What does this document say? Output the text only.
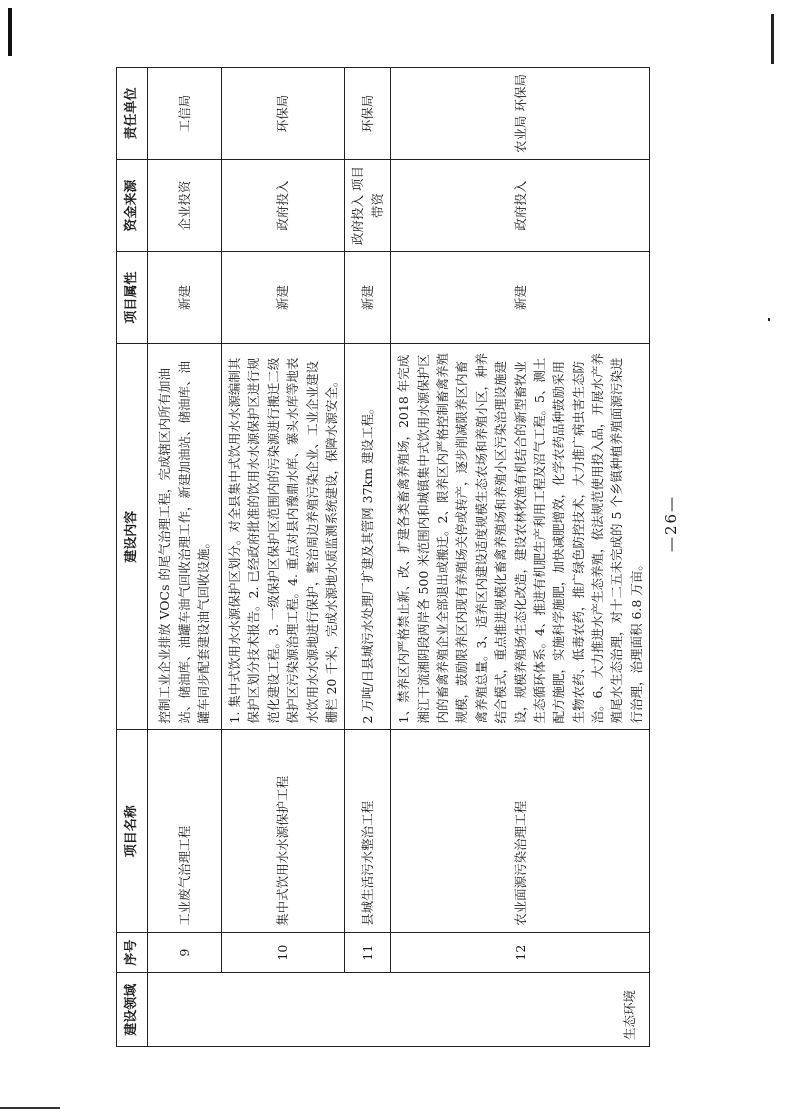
建设领域	序号	项目名称	建设内容	项目属性	资金来源	责任单位
生态环境	9	工业废气治理工程	控制工业企业排放 VOCs 的尾气治理工程，完成辖区内所有加油站、储油库、油罐车油气回收治理工作，新建加油站、储油库、油罐车同步配套建设油气回收设施。	新建	企业投资	工信局
	10	集中式饮用水水源保护工程	1. 集中式饮用水水源保护区划分。对全县集中式饮用水水源编制其保护区划分技术报告。2. 已经政府批准的饮用水水源保护区进行规范化建设工程。3. 一级保护区保护区范围内的污染源进行搬迁二级保护区污染源治理工程。4. 重点对县内豫鼎水库、寨头水库等地表水饮用水水源地进行保护，整治周边养殖污染企业、工业企业建设栅栏 20 千米，完成水源地水质监测系统建设，保障水源安全。	新建	政府投入	环保局
	11	县城生活污水整治工程	2 万吨/日县城污水处理厂扩建及其管网 37km 建设工程。	新建	政府投入 项目带资	环保局
	12	农业面源污染治理工程	1、禁养区内严格禁止新、改、扩建各类畜禽养殖场，2018 年完成湘江干流湘阴段两岸各 500 米范围内和城镇集中式饮用水源保护区内的畜禽养殖企业全部退出或搬迁。2、限养区内严格控制畜禽养殖规模，鼓励限养区内现有养殖场关停或转产，逐步削减限养区内畜禽养殖总量。3、适养区内建设适度规模生态农场和养殖小区，种养结合模式，重点推进规模化畜禽养殖场和养殖小区污染治理设施建设，规模养殖场生态化改造，建设农林牧渔有机结合的新型畜牧业生态循环体系。4、推进有机肥生产利用工程及沼气工程。5、测土配方施肥，实施科学施肥，加快减肥增效，化学农药品种鼓励采用生物农药、低毒农药，推广绿色防控技术，大力推广病虫害生态防治。6、大力推进水产生态养殖，依法规范使用投入品，开展水产养殖尾水生态治理，对十二五未完成的 5 个乡镇种植养殖面源污染进行治理，治理面积 6.8 万亩。	新建	政府投入	农业局 环保局
—26—
